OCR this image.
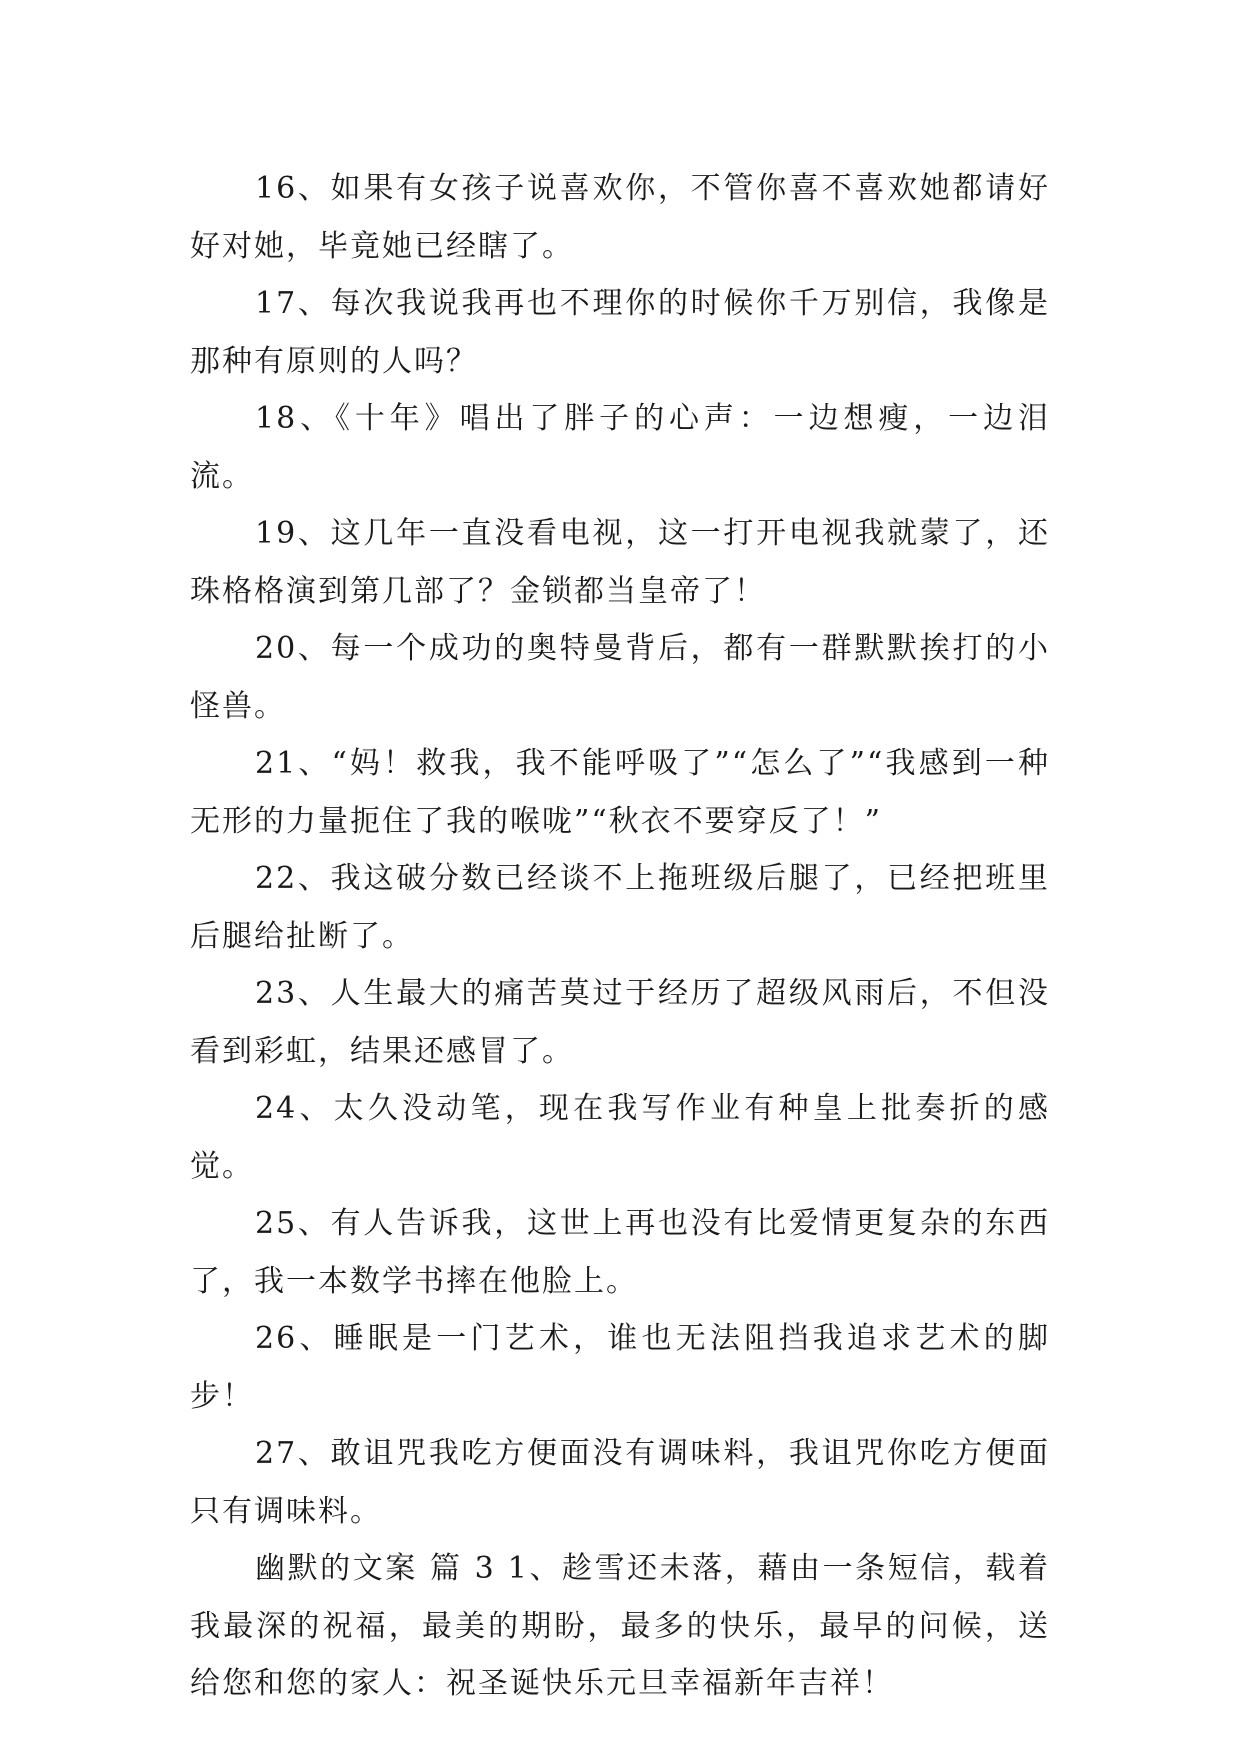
16、如果有女孩子说喜欢你，不管你喜不喜欢她都请好好对她，毕竟她已经瞎了。

17、每次我说我再也不理你的时候你千万别信，我像是那种有原则的人吗？

18、《十年》唱出了胖子的心声：一边想瘦，一边泪流。

19、这几年一直没看电视，这一打开电视我就蒙了，还珠格格演到第几部了？金锁都当皇帝了！

20、每一个成功的奥特曼背后，都有一群默默挨打的小怪兽。

21、“妈！救我，我不能呼吸了”“怎么了”“我感到一种无形的力量扼住了我的喉咙”“秋衣不要穿反了！”

22、我这破分数已经谈不上拖班级后腿了，已经把班里后腿给扯断了。

23、人生最大的痛苦莫过于经历了超级风雨后，不但没看到彩虹，结果还感冒了。

24、太久没动笔，现在我写作业有种皇上批奏折的感觉。

25、有人告诉我，这世上再也没有比爱情更复杂的东西了，我一本数学书摔在他脸上。

26、睡眠是一门艺术，谁也无法阻挡我追求艺术的脚步！

27、敢诅咒我吃方便面没有调味料，我诅咒你吃方便面只有调味料。

幽默的文案 篇 3 1、趁雪还未落，藉由一条短信，载着我最深的祝福，最美的期盼，最多的快乐，最早的问候，送给您和您的家人：祝圣诞快乐元旦幸福新年吉祥！
